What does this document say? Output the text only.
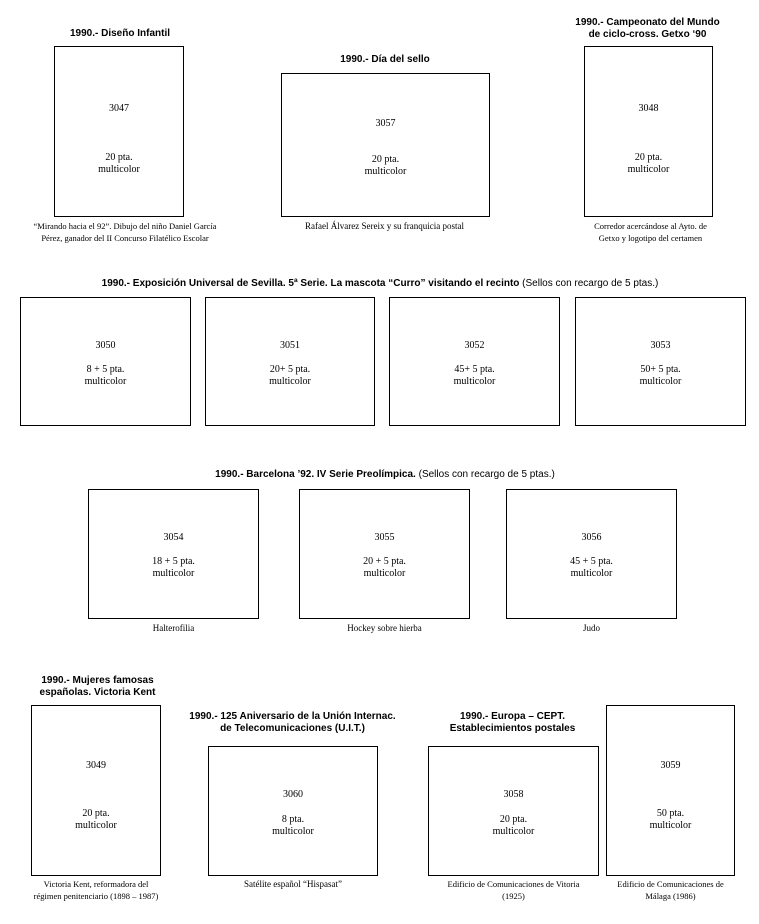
1990.- Diseño Infantil
3047
20 pta.
multicolor
“Mirando hacia el 92”. Dibujo del niño Daniel García
Pérez, ganador del II Concurso Filatélico Escolar
1990.- Día del sello
3057
20 pta.
multicolor
Rafael Álvarez Sereix y su franquicia postal
1990.- Campeonato del Mundo
de ciclo-cross. Getxo ‘90
3048
20 pta.
multicolor
Corredor acercándose al Ayto. de
Getxo y logotipo del certamen
1990.- Exposición Universal de Sevilla. 5ª Serie. La mascota “Curro” visitando el recinto (Sellos con recargo de 5 ptas.)
3050
8 + 5 pta.
multicolor
3051
20+ 5 pta.
multicolor
3052
45+ 5 pta.
multicolor
3053
50+ 5 pta.
multicolor
1990.- Barcelona ’92. IV Serie Preolímpica. (Sellos con recargo de 5 ptas.)
3054
18 + 5 pta.
multicolor
Halterofilia
3055
20 + 5 pta.
multicolor
Hockey sobre hierba
3056
45 + 5 pta.
multicolor
Judo
1990.- Mujeres famosas
españolas. Victoria Kent
3049
20 pta.
multicolor
Victoria Kent, reformadora del
régimen penitenciario (1898 – 1987)
1990.- 125 Aniversario de la Unión Internac.
de Telecomunicaciones (U.I.T.)
3060
8 pta.
multicolor
Satélite español “Hispasat”
1990.- Europa – CEPT.
Establecimientos postales
3058
20 pta.
multicolor
Edificio de Comunicaciones de Vitoria
(1925)
3059
50 pta.
multicolor
Edificio de Comunicaciones de
Málaga (1986)
